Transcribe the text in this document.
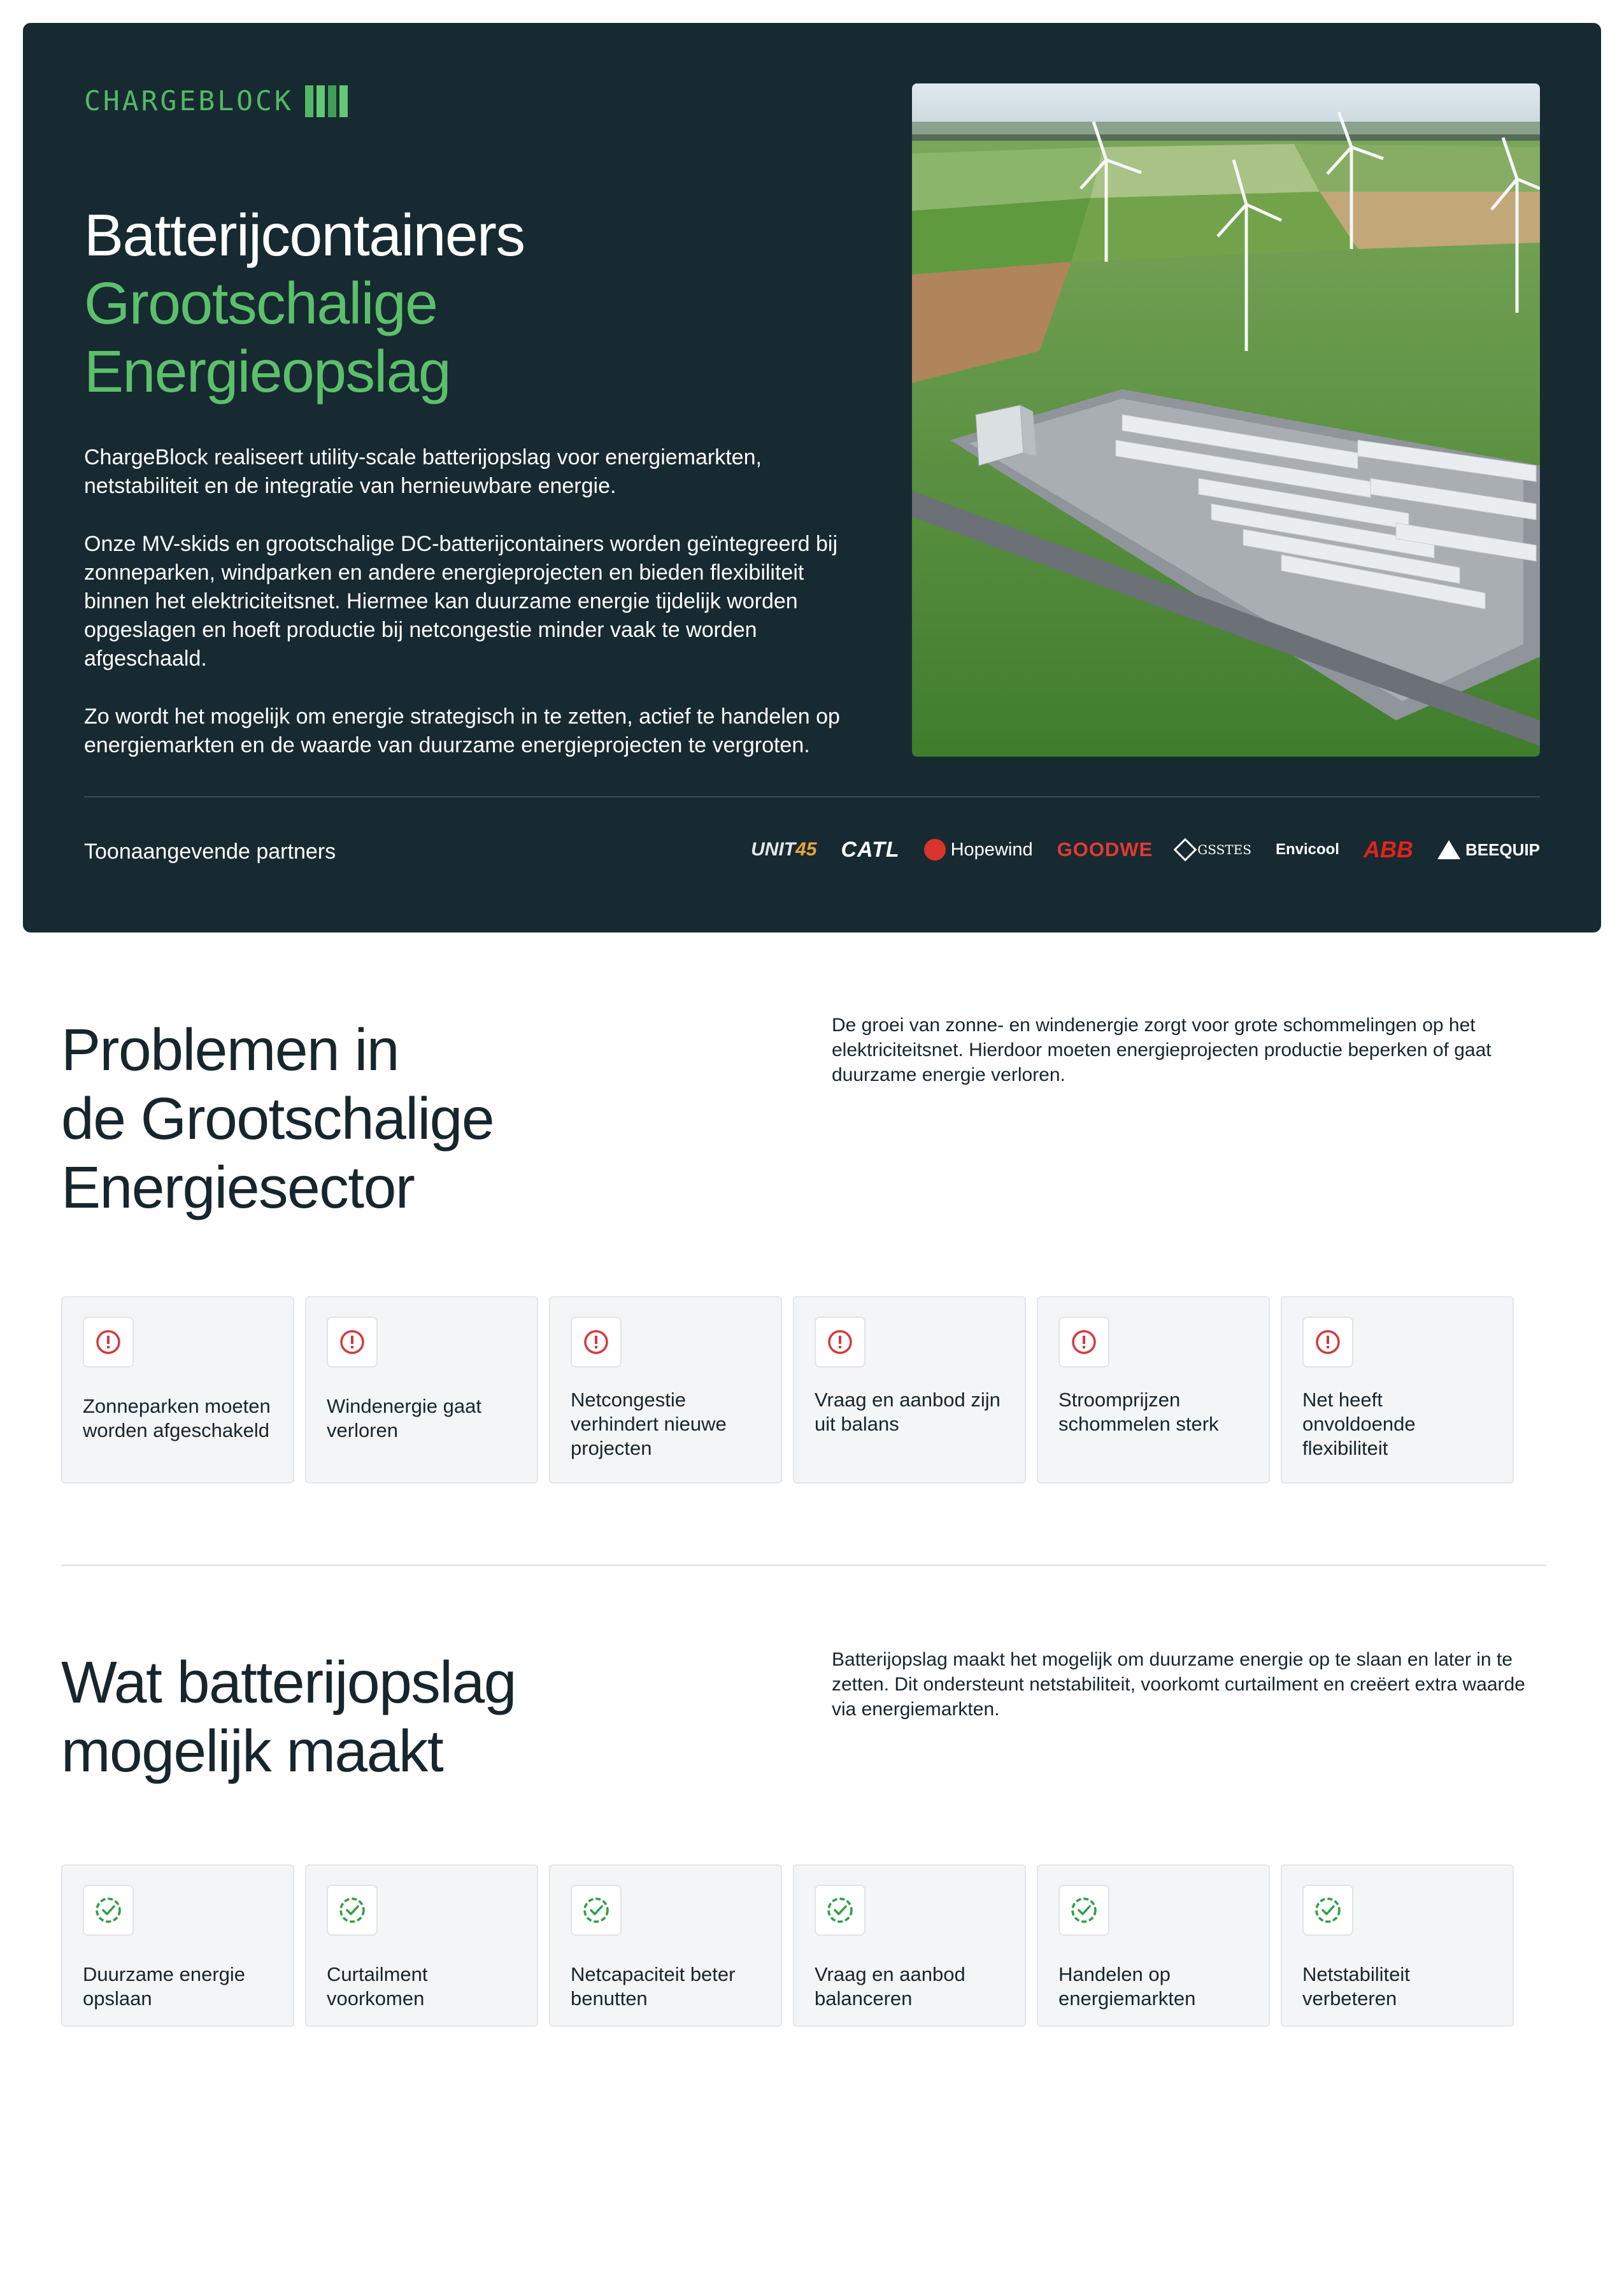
CHARGEBLOCK
Batterijcontainers
Grootschalige
Energieopslag

ChargeBlock realiseert utility-scale batterijopslag voor energiemarkten, netstabiliteit en de integratie van hernieuwbare energie.

Onze MV-skids en grootschalige DC-batterijcontainers worden geïntegreerd bij zonneparken, windparken en andere energieprojecten en bieden flexibiliteit binnen het elektriciteitsnet. Hiermee kan duurzame energie tijdelijk worden opgeslagen en hoeft productie bij netcongestie minder vaak te worden afgeschaald.

Zo wordt het mogelijk om energie strategisch in te zetten, actief te handelen op energiemarkten en de waarde van duurzame energieprojecten te vergroten.

Toonaangevende partners	UNIT45 CATL	Hopewind GOODWE	GSSTES Envicool ABB	BEEQUIP
Problemen in
de Grootschalige
Energiesector

De groei van zonne- en windenergie zorgt voor grote schommelingen op het elektriciteitsnet. Hierdoor moeten energieprojecten productie beperken of gaat duurzame energie verloren.

Zonneparken moeten worden afgeschakeld
Windenergie gaat verloren
Netcongestie verhindert nieuwe projecten
Vraag en aanbod zijn uit balans
Stroomprijzen schommelen sterk
Net heeft onvoldoende flexibiliteit
Wat batterijopslag
mogelijk maakt

Batterijopslag maakt het mogelijk om duurzame energie op te slaan en later in te zetten. Dit ondersteunt netstabiliteit, voorkomt curtailment en creëert extra waarde via energiemarkten.

Duurzame energie opslaan
Curtailment voorkomen
Netcapaciteit beter benutten
Vraag en aanbod balanceren
Handelen op energiemarkten
Netstabiliteit verbeteren
